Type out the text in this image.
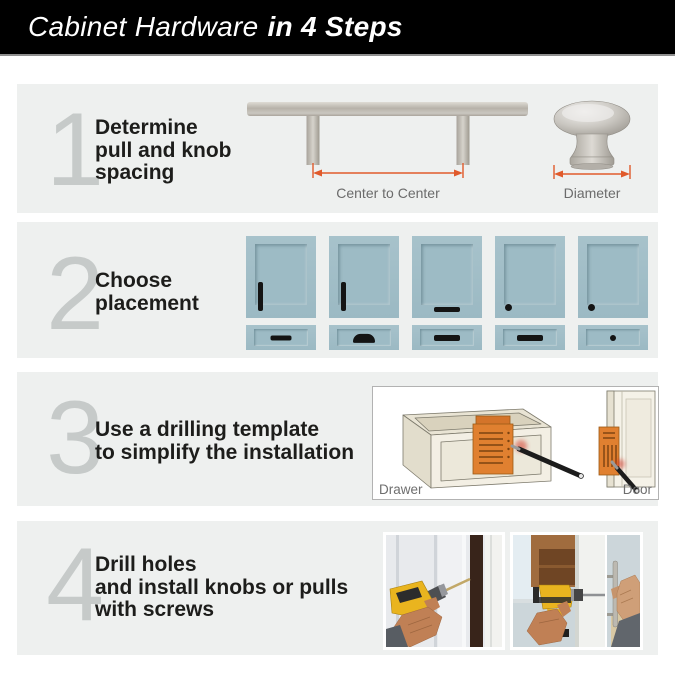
Cabinet Hardware in 4 Steps
1
Determine
pull and knob
spacing
Center to Center	Diameter
2
Choose
placement
3
Use a drilling template
to simplify the installation
Drawer	Door
4
Drill holes
and install knobs or pulls
with screws
